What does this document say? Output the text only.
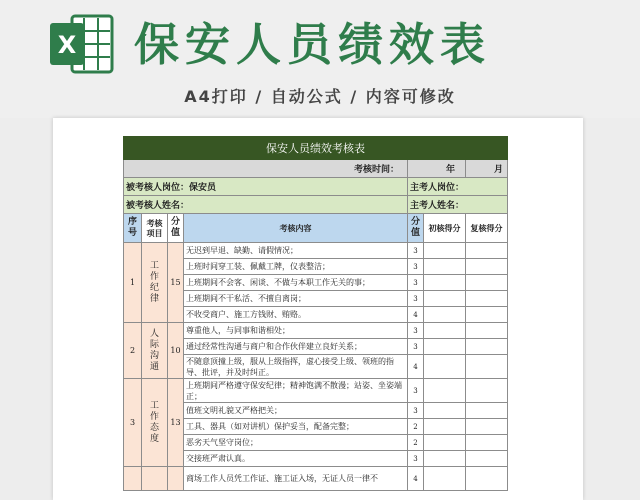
X 保安人员绩效表
A4打印 / 自动公式 / 内容可修改
保安人员绩效考核表						
考核时间：				年		月
被考核人岗位：保安员				主考人岗位：		
被考核人姓名：				主考人姓名：		
序号	考核项目	分值	考核内容	分值	初核得分	复核得分
1	工作纪律	15	无迟到早退、缺勤、请假情况；	3		
			上班时间穿工装、佩戴工牌，仪表整洁；	3		
			上班期间不会客、闲谈、不做与本职工作无关的事；	3		
			上班期间不干私活、不擅自离岗；	3		
			不收受商户、施工方钱财、贿赂。	4		
2	人际沟通	10	尊重他人，与同事和谐相处；	3		
			通过经常性沟通与商户和合作伙伴建立良好关系；	3		
			不随意顶撞上级，服从上级指挥，虚心接受上级、领班的指导、批评，并及时纠正。	4		
3	工作态度	13	上班期间严格遵守保安纪律；精神饱满不散漫；站姿、坐姿端正；	3		
			值班文明礼貌又严格把关；	3		
			工具、器具（如对讲机）保护妥当，配备完整；	2		
			恶劣天气坚守岗位；	2		
			交接班严肃认真。	3		
			商场工作人员凭工作证、施工证入场，无证人员一律不	4		
